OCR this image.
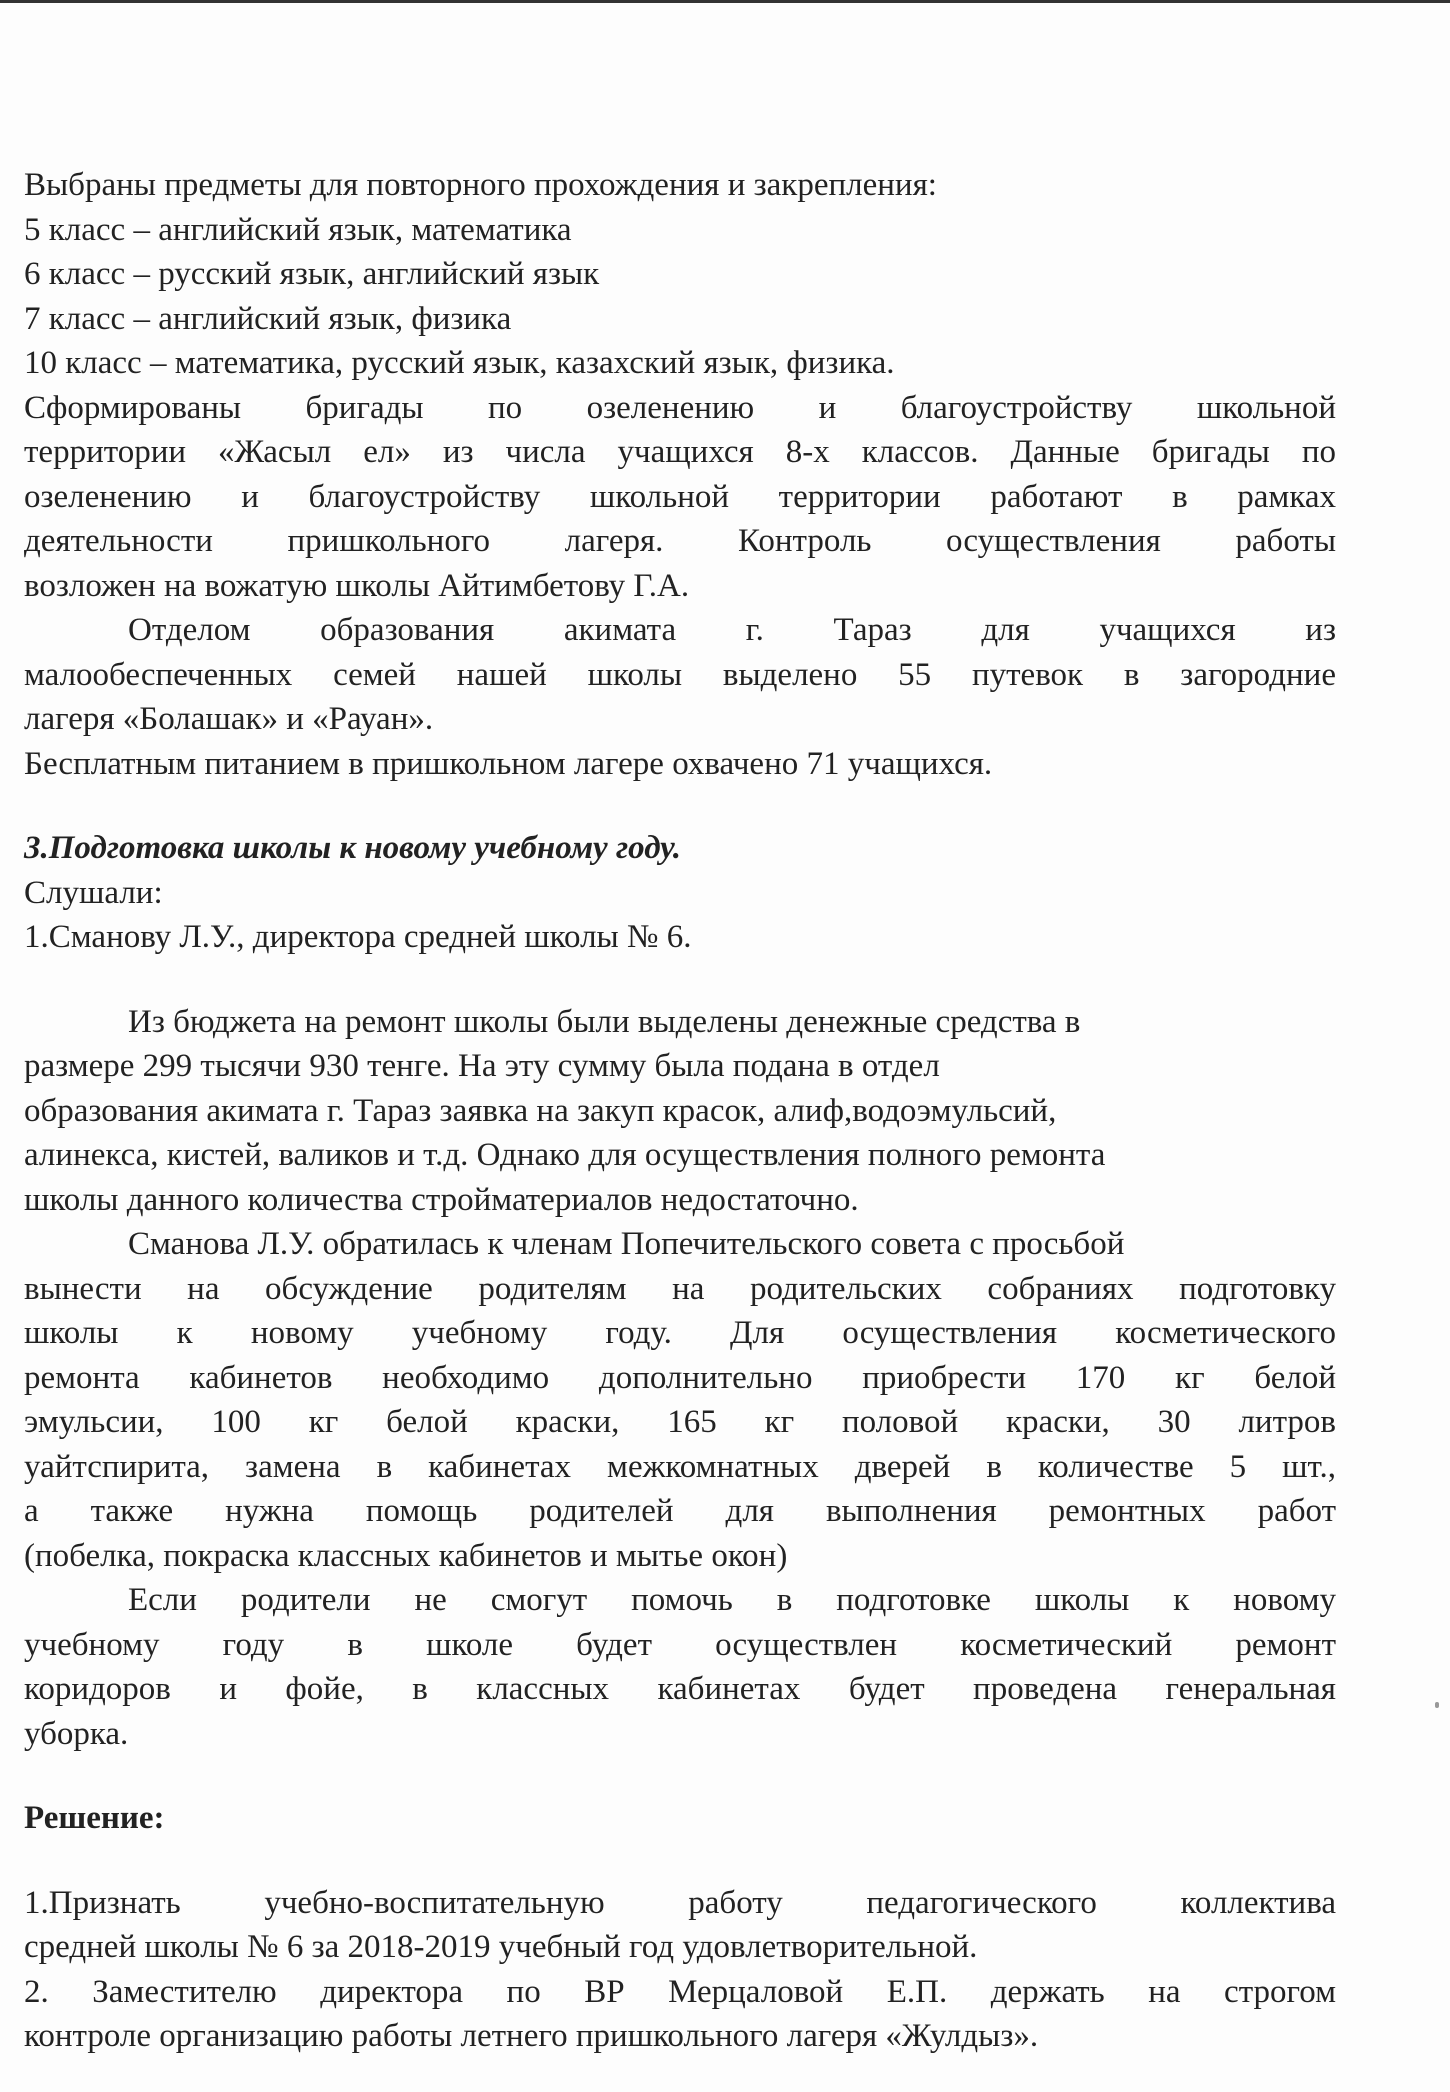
Выбраны предметы для повторного прохождения и закрепления:

5 класс – английский язык, математика

6 класс – русский язык, английский язык

7 класс – английский язык, физика

10 класс – математика, русский язык, казахский язык, физика.

Сформированы бригады по озеленению и благоустройству школьной

территории «Жасыл ел» из числа учащихся 8-х классов. Данные бригады по

озеленению и благоустройству школьной территории работают в рамках

деятельности пришкольного лагеря. Контроль осуществления работы

возложен на вожатую школы Айтимбетову Г.А.

Отделом образования акимата г. Тараз для учащихся из

малообеспеченных семей нашей школы выделено 55 путевок в загородние

лагеря «Болашак» и «Рауан».

Бесплатным питанием в пришкольном лагере охвачено 71 учащихся.

3.Подготовка школы к новому учебному году.

Слушали:

1.Сманову Л.У., директора средней школы № 6.

Из бюджета на ремонт школы были выделены денежные средства в

размере 299 тысячи 930 тенге. На эту сумму была подана в отдел

образования акимата г. Тараз заявка на закуп красок, алиф,водоэмульсий,

алинекса, кистей, валиков и т.д. Однако для осуществления полного ремонта

школы данного количества стройматериалов недостаточно.

Сманова Л.У. обратилась к членам Попечительского совета с просьбой

вынести на обсуждение родителям на родительских собраниях подготовку

школы к новому учебному году. Для осуществления косметического

ремонта кабинетов необходимо дополнительно приобрести 170 кг белой

эмульсии, 100 кг белой краски, 165 кг половой краски, 30 литров

уайтспирита, замена в кабинетах межкомнатных дверей в количестве 5 шт.,

а также нужна помощь родителей для выполнения ремонтных работ

(побелка, покраска классных кабинетов и мытье окон)

Если родители не смогут помочь в подготовке школы к новому

учебному году в школе будет осуществлен косметический ремонт

коридоров и фойе, в классных кабинетах будет проведена генеральная

уборка.

Решение:

1.Признать учебно-воспитательную работу педагогического коллектива

средней школы № 6 за 2018-2019 учебный год удовлетворительной.

2. Заместителю директора по ВР Мерцаловой Е.П. держать на строгом

контроле организацию работы летнего пришкольного лагеря «Жулдыз».
